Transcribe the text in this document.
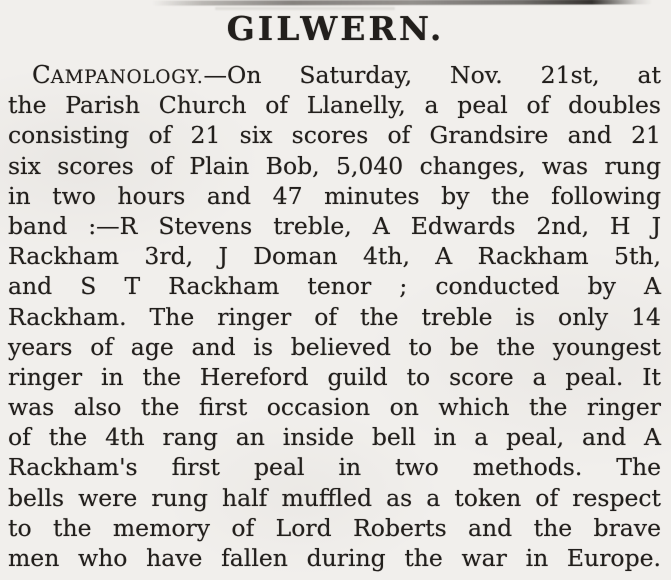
GILWERN.
CAMPANOLOGY.—On Saturday, Nov. 21st, at
the Parish Church of Llanelly, a peal of doubles
consisting of 21 six scores of Grandsire and 21
six scores of Plain Bob, 5,040 changes, was rung
in two hours and 47 minutes by the following
band :—R Stevens treble, A Edwards 2nd, H J
Rackham 3rd, J Doman 4th, A Rackham 5th,
and S T Rackham tenor ; conducted by A
Rackham. The ringer of the treble is only 14
years of age and is believed to be the youngest
ringer in the Hereford guild to score a peal. It
was also the first occasion on which the ringer
of the 4th rang an inside bell in a peal, and A
Rackham's first peal in two methods. The
bells were rung half muffled as a token of respect
to the memory of Lord Roberts and the brave
men who have fallen during the war in Europe.
